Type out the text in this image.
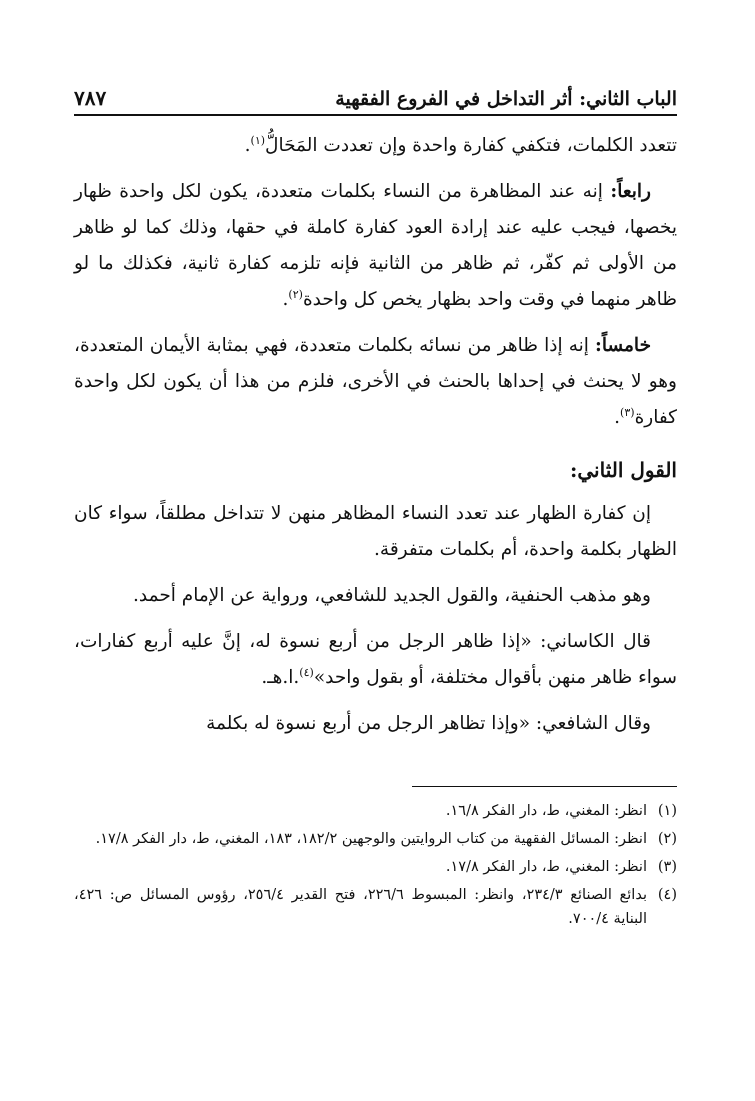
الباب الثاني: أثر التداخل في الفروع الفقهية
٧٨٧

تتعدد الكلمات، فتكفي كفارة واحدة وإن تعددت المَحَالُّ$^{(١)}$.

رابعاً: إنه عند المظاهرة من النساء بكلمات متعددة، يكون لكل واحدة ظهار يخصها، فيجب عليه عند إرادة العود كفارة كاملة في حقها، وذلك كما لو ظاهر من الأولى ثم كفّر، ثم ظاهر من الثانية فإنه تلزمه كفارة ثانية، فكذلك ما لو ظاهر منهما في وقت واحد بظهار يخص كل واحدة$^{(٢)}$.

خامساً: إنه إذا ظاهر من نسائه بكلمات متعددة، فهي بمثابة الأيمان المتعددة، وهو لا يحنث في إحداها بالحنث في الأخرى، فلزم من هذا أن يكون لكل واحدة كفارة$^{(٣)}$.

القول الثاني:

إن كفارة الظهار عند تعدد النساء المظاهر منهن لا تتداخل مطلقاً، سواء كان الظهار بكلمة واحدة، أم بكلمات متفرقة.

وهو مذهب الحنفية، والقول الجديد للشافعي، ورواية عن الإمام أحمد.

قال الكاساني: «إذا ظاهر الرجل من أربع نسوة له، إنَّ عليه أربع كفارات، سواء ظاهر منهن بأقوال مختلفة، أو بقول واحد»$^{(٤)}$.ا.هـ.

وقال الشافعي: «وإذا تظاهر الرجل من أربع نسوة له بكلمة

(١)
انظر: المغني، ط، دار الفكر ١٦/٨.
(٢)
انظر: المسائل الفقهية من كتاب الروايتين والوجهين ١٨٢/٢، ١٨٣، المغني، ط، دار الفكر ١٧/٨.
(٣)
انظر: المغني، ط، دار الفكر ١٧/٨.
(٤)
بدائع الصنائع ٢٣٤/٣، وانظر: المبسوط ٢٢٦/٦، فتح القدير ٢٥٦/٤، رؤوس المسائل ص: ٤٢٦، البناية ٧٠٠/٤.
